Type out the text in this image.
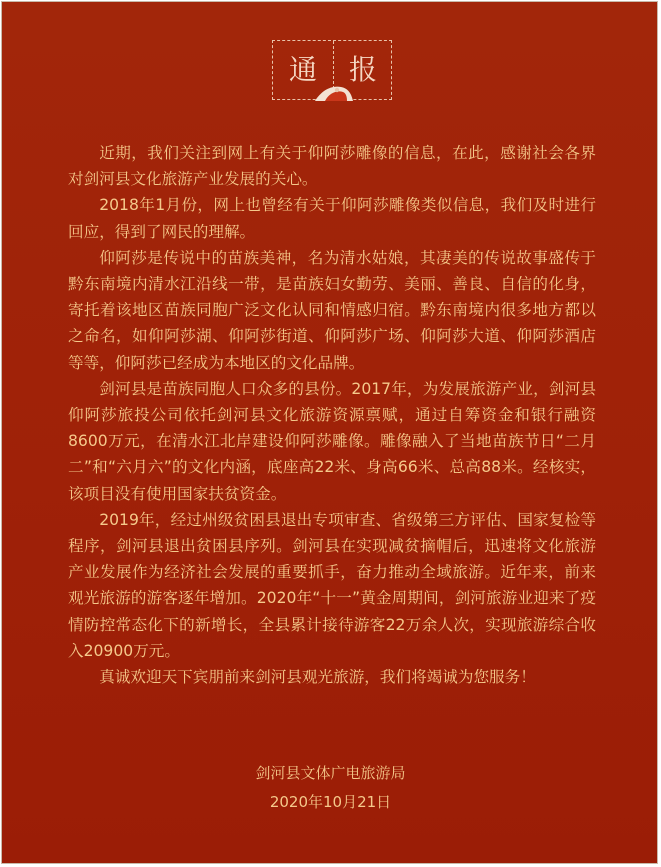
通	报

近期，我们关注到网上有关于仰阿莎雕像的信息，在此，感谢社会各界对剑河县文化旅游产业发展的关心。

2018年1月份，网上也曾经有关于仰阿莎雕像类似信息，我们及时进行回应，得到了网民的理解。

仰阿莎是传说中的苗族美神，名为清水姑娘，其凄美的传说故事盛传于黔东南境内清水江沿线一带，是苗族妇女勤劳、美丽、善良、自信的化身，寄托着该地区苗族同胞广泛文化认同和情感归宿。黔东南境内很多地方都以之命名，如仰阿莎湖、仰阿莎街道、仰阿莎广场、仰阿莎大道、仰阿莎酒店等等，仰阿莎已经成为本地区的文化品牌。

剑河县是苗族同胞人口众多的县份。2017年，为发展旅游产业，剑河县仰阿莎旅投公司依托剑河县文化旅游资源禀赋，通过自筹资金和银行融资8600万元，在清水江北岸建设仰阿莎雕像。雕像融入了当地苗族节日“二月二”和“六月六”的文化内涵，底座高22米、身高66米、总高88米。经核实，该项目没有使用国家扶贫资金。

2019年，经过州级贫困县退出专项审查、省级第三方评估、国家复检等程序，剑河县退出贫困县序列。剑河县在实现减贫摘帽后，迅速将文化旅游产业发展作为经济社会发展的重要抓手，奋力推动全域旅游。近年来，前来观光旅游的游客逐年增加。2020年“十一”黄金周期间，剑河旅游业迎来了疫情防控常态化下的新增长，全县累计接待游客22万余人次，实现旅游综合收入20900万元。

真诚欢迎天下宾朋前来剑河县观光旅游，我们将竭诚为您服务！

剑河县文体广电旅游局
2020年10月21日
